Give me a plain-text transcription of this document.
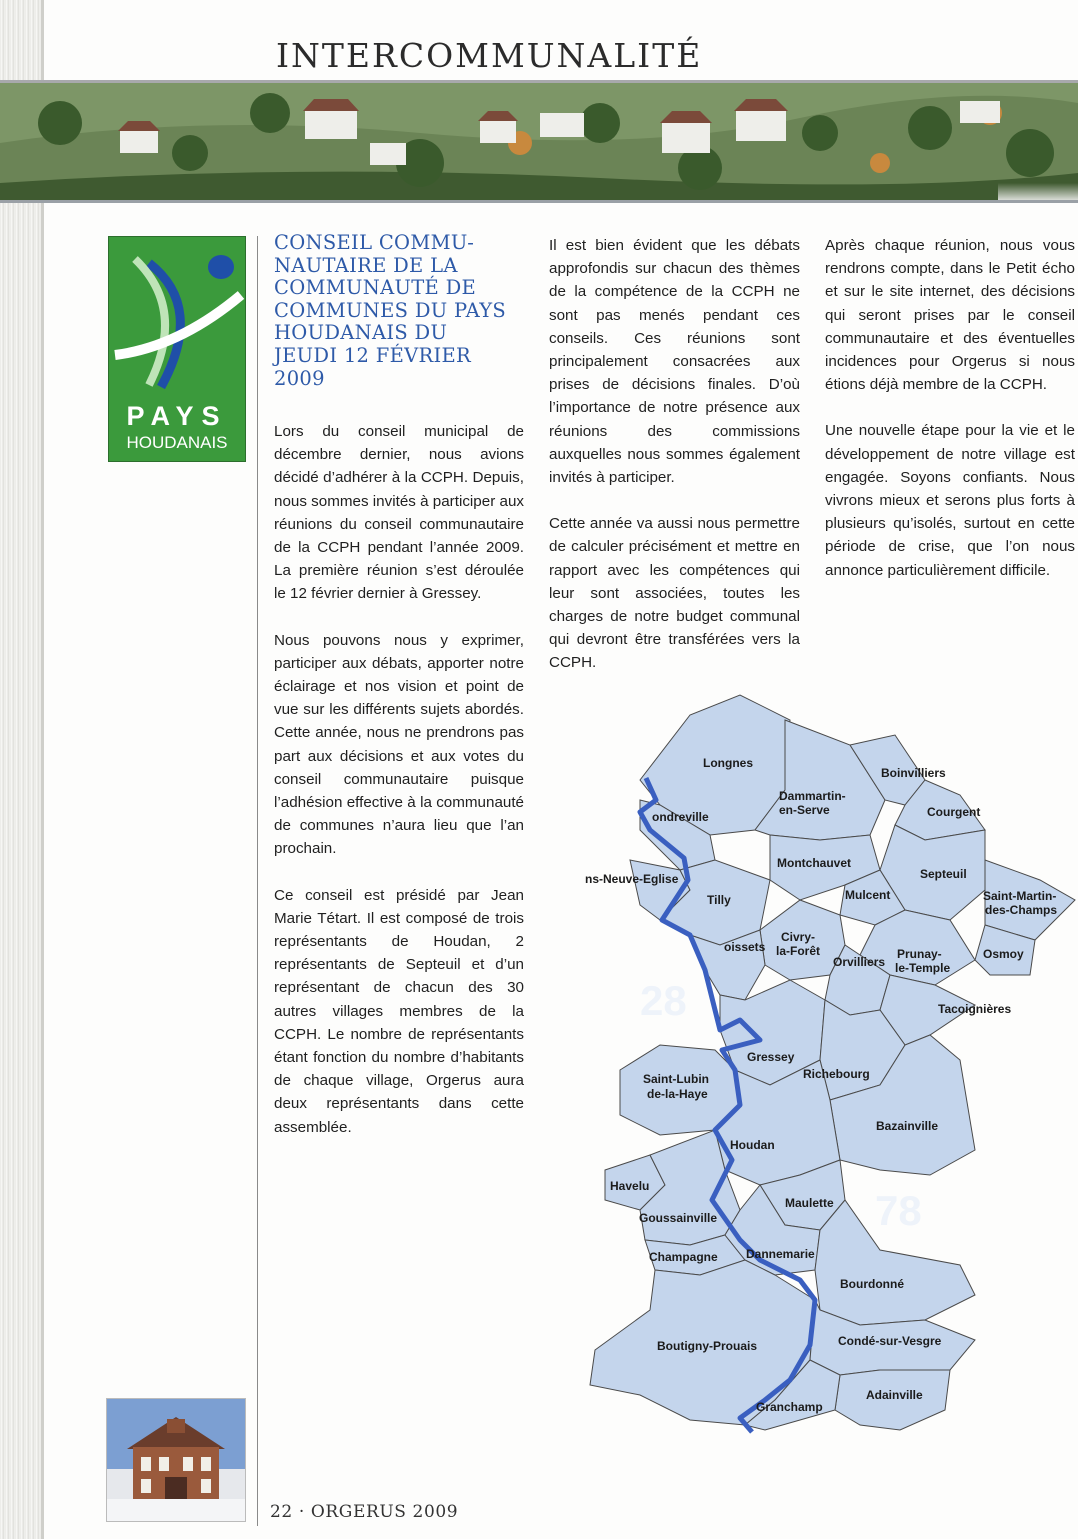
INTERCOMMUNALITÉ
PAYS
HOUDANAIS
CONSEIL COMMU-
NAUTAIRE DE LA
COMMUNAUTÉ DE
COMMUNES DU PAYS
HOUDANAIS DU
JEUDI 12 FÉVRIER
2009

Lors du conseil municipal de décembre dernier, nous avions décidé d’adhérer à la CCPH. Depuis, nous sommes invités à participer aux réunions du conseil communautaire de la CCPH pendant l’année 2009. La première réunion s’est déroulée le 12 février dernier à Gressey.

Nous pouvons nous y exprimer, participer aux débats, apporter notre éclairage et nos vision et point de vue sur les différents sujets abordés. Cette année, nous ne prendrons pas part aux décisions et aux votes du conseil communautaire puisque l’adhésion effective à la communauté de communes n’aura lieu que l’an prochain.

Ce conseil est présidé par Jean Marie Tétart. Il est composé de trois représentants de Houdan, 2 représentants de Septeuil et d’un représentant de chacun des 30 autres villages membres de la CCPH. Le nombre de représentants étant fonction du nombre d’habitants de chaque village, Orgerus aura deux représentants dans cette assemblée.

Il est bien évident que les débats approfondis sur chacun des thèmes de la compétence de la CCPH ne sont pas menés pendant ces conseils. Ces réunions sont principalement consacrées aux prises de décisions finales. D’où l’importance de notre présence aux réunions des commissions auxquelles nous sommes également invités à participer.

Cette année va aussi nous permettre de calculer précisément et mettre en rapport avec les compétences qui leur sont associées, toutes les charges de notre budget communal qui devront être transférées vers la CCPH.

Après chaque réunion, nous vous rendrons compte, dans le Petit écho et sur le site internet, des décisions qui seront prises par le conseil communautaire et des éventuelles incidences pour Orgerus si nous étions déjà membre de la CCPH.

Une nouvelle étape pour la vie et le développement de notre village est engagée. Soyons confiants. Nous vivrons mieux et serons plus forts à plusieurs qu’isolés, surtout en cette période de crise, que l’on nous annonce particulièrement difficile.

28
78
Longnes
Boinvilliers
Dammartin-
en-Serve	Courgent
ondreville
Montchauvet
Septeuil
ns-Neuve-Eglise
Mulcent	Saint-Martin-
des-Champs
Tilly
Civry-
la-Forêt	Prunay-
le-Temple
Osmoy
oissets
Orvilliers
Tacoignières
Gressey
Richebourg
Saint-Lubin
de-la-Haye
Bazainville
Houdan
Havelu
Maulette
Goussainville
Champagne Dannemarie
Bourdonné
Boutigny-Prouais	Condé-sur-Vesgre
Adainville
Granchamp

22 · ORGERUS 2009
